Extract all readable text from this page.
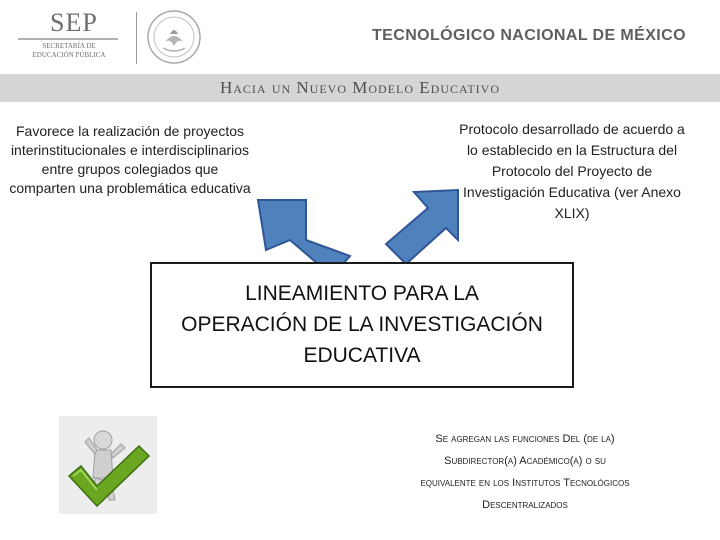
SEP
SECRETARÍA DE
EDUCACIÓN PÚBLICA
TECNOLÓGICO NACIONAL DE MÉXICO
Hacia un Nuevo Modelo Educativo
Favorece la realización de proyectos interinstitucionales e interdisciplinarios entre grupos colegiados que comparten una problemática educativa
Protocolo desarrollado de acuerdo a lo establecido en la Estructura del Protocolo del Proyecto de Investigación Educativa (ver Anexo XLIX)
LINEAMIENTO PARA LA
OPERACIÓN DE LA INVESTIGACIÓN
EDUCATIVA
Se agregan las funciones Del (de la)
Subdirector(a) Académico(a) o su
equivalente en los Institutos Tecnológicos
Descentralizados
